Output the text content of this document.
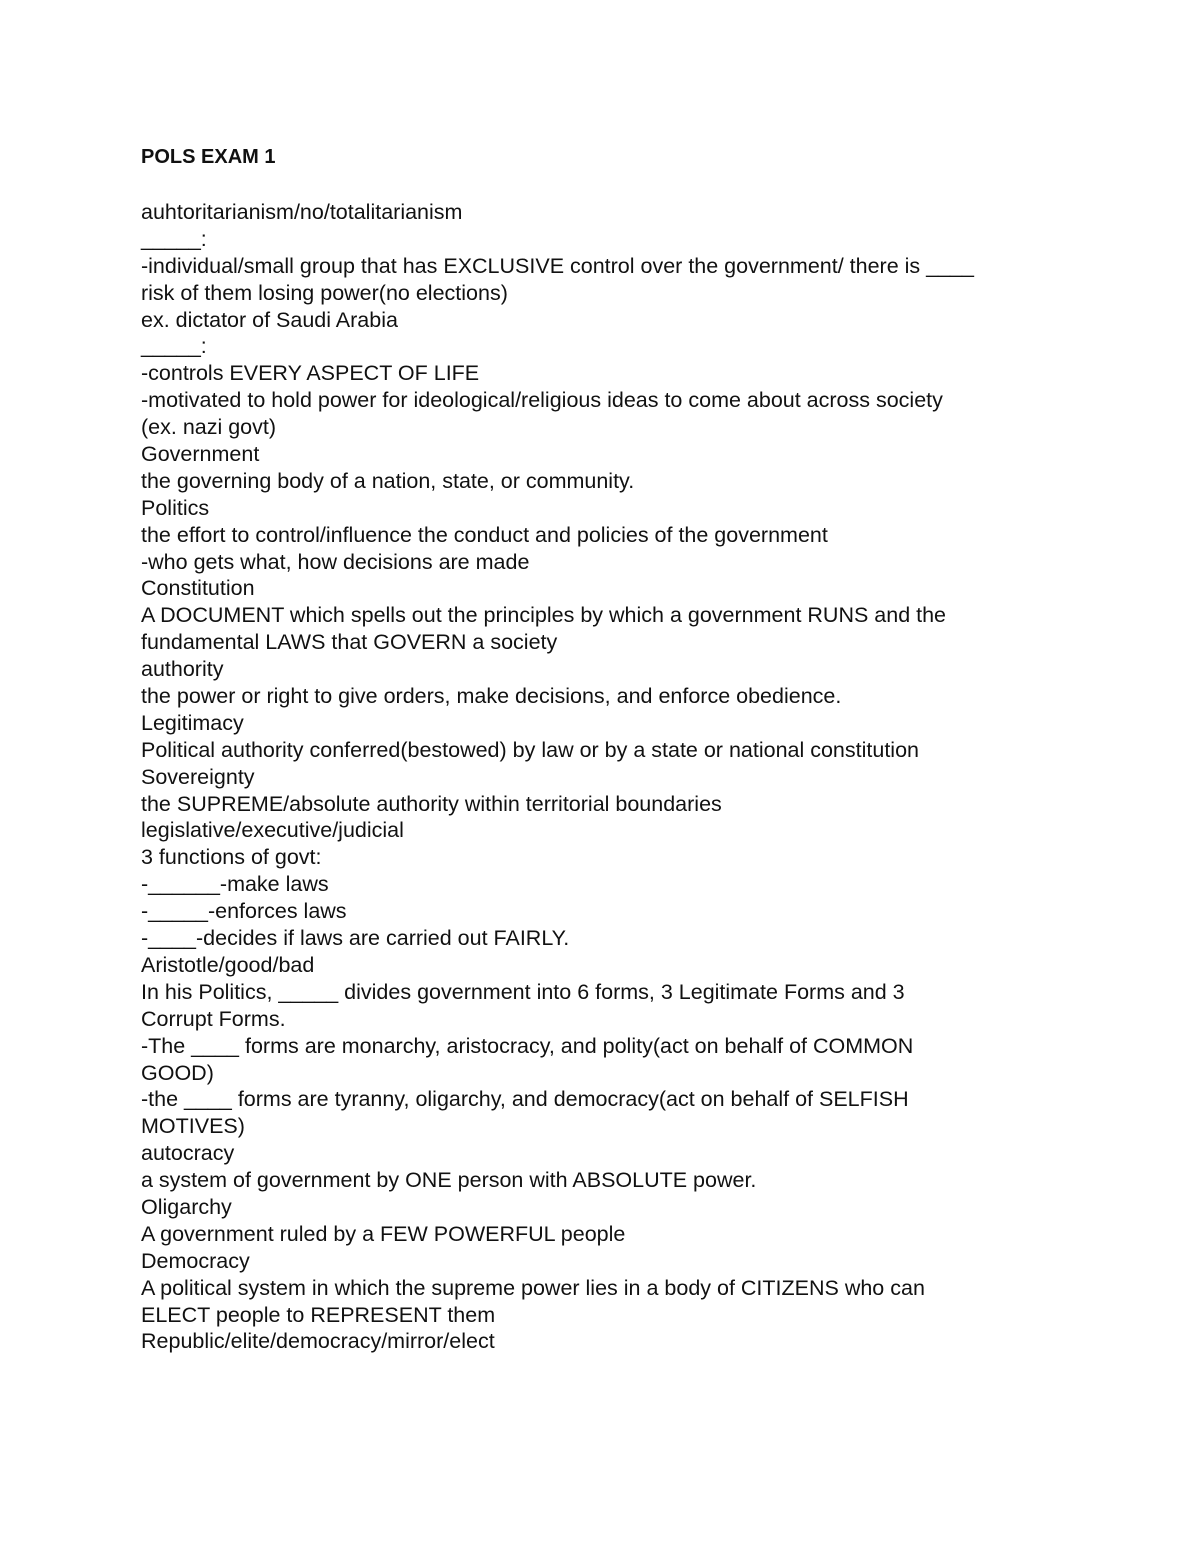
POLS EXAM 1
auhtoritarianism/no/totalitarianism
_____:
-individual/small group that has EXCLUSIVE control over the government/ there is ____
risk of them losing power(no elections)
ex. dictator of Saudi Arabia
_____:
-controls EVERY ASPECT OF LIFE
-motivated to hold power for ideological/religious ideas to come about across society
(ex. nazi govt)
Government
the governing body of a nation, state, or community.
Politics
the effort to control/influence the conduct and policies of the government
-who gets what, how decisions are made
Constitution
A DOCUMENT which spells out the principles by which a government RUNS and the
fundamental LAWS that GOVERN a society
authority
the power or right to give orders, make decisions, and enforce obedience.
Legitimacy
Political authority conferred(bestowed) by law or by a state or national constitution
Sovereignty
the SUPREME/absolute authority within territorial boundaries
legislative/executive/judicial
3 functions of govt:
-______-make laws
-_____-enforces laws
-____-decides if laws are carried out FAIRLY.
Aristotle/good/bad
In his Politics, _____ divides government into 6 forms, 3 Legitimate Forms and 3
Corrupt Forms.
-The ____ forms are monarchy, aristocracy, and polity(act on behalf of COMMON
GOOD)
-the ____ forms are tyranny, oligarchy, and democracy(act on behalf of SELFISH
MOTIVES)
autocracy
a system of government by ONE person with ABSOLUTE power.
Oligarchy
A government ruled by a FEW POWERFUL people
Democracy
A political system in which the supreme power lies in a body of CITIZENS who can
ELECT people to REPRESENT them
Republic/elite/democracy/mirror/elect
